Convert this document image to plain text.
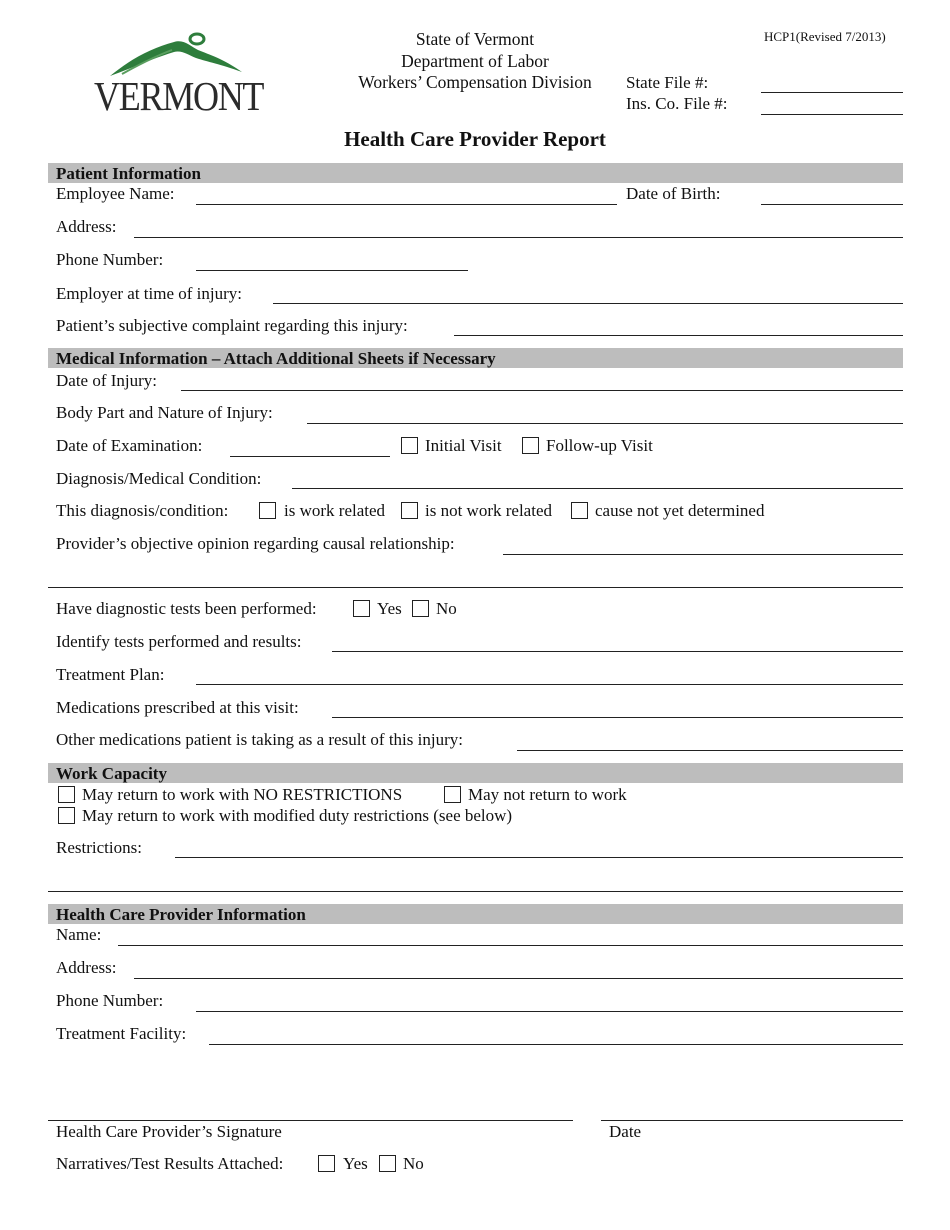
VERMONT
State of Vermont
Department of Labor
Workers’ Compensation Division
HCP1(Revised 7/2013)
State File #:
Ins. Co. File #:
Health Care Provider Report
Patient Information
Employee Name:	Date of Birth:
Address:
Phone Number:
Employer at time of injury:
Patient’s subjective complaint regarding this injury:
Medical Information – Attach Additional Sheets if Necessary
Date of Injury:
Body Part and Nature of Injury:
Date of Examination:	Initial Visit	Follow-up Visit
Diagnosis/Medical Condition:
This diagnosis/condition:	is work related is not work related	cause not yet determined
Provider’s objective opinion regarding causal relationship:
Have diagnostic tests been performed:	Yes No
Identify tests performed and results:
Treatment Plan:
Medications prescribed at this visit:
Other medications patient is taking as a result of this injury:
Work Capacity
May return to work with NO RESTRICTIONS	May not return to work
May return to work with modified duty restrictions (see below)
Restrictions:
Health Care Provider Information
Name:
Address:
Phone Number:
Treatment Facility:
Health Care Provider’s Signature	Date
Narratives/Test Results Attached:	Yes No
